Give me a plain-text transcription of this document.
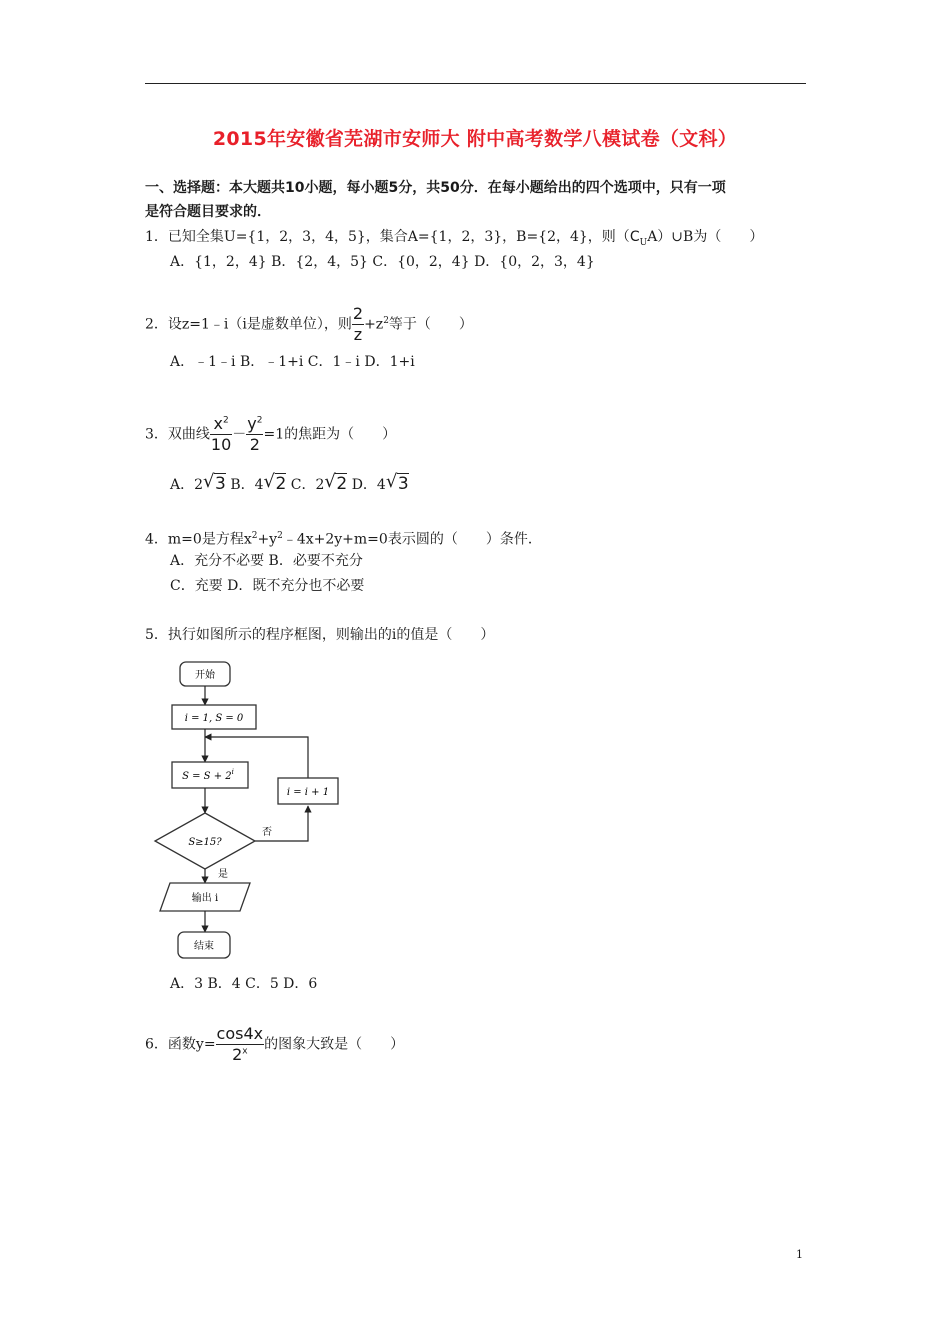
2015年安徽省芜湖市安师大 附中高考数学八模试卷（文科）
一、选择题：本大题共10小题，每小题5分，共50分．在每小题给出的四个选项中，只有一项
是符合题目要求的．
1．已知全集U={1，2，3，4，5}，集合A={1，2，3}，B={2，4}，则$(C_UA)\cup B$为（　　）
A．{1，2，4} B．{2，4，5} C．{0，2，4} D．{0，2，3，4}
2．设z=1﹣i（i是虚数单位），则 $\frac{2}{z} +z^2$等于（　　）
A．﹣1﹣i B．﹣1+i C．1﹣i D．1+i
3．双曲线 $\frac{x^2}{10} - \frac{y^2}{2} =1$的焦距为（　　）
A．2 √ 3 B．4 √ 2 C．2 √ 2 D．4 √ 3
4．m=0是方程$x^2+y^2﹣4x+2y+m=0$表示圆的（　　）条件．
A．充分不必要 B．必要不充分
C．充要 D．既不充分也不必要
5．执行如图所示的程序框图，则输出的i的值是（　　）
开始
i = 1, S = 0
$S = S + 2^i$
i = i + 1
S≥15?
否
是
输出 i
结束
A．3 B．4 C．5 D．6
6．函数$y= \frac{\cos 4x}{2^x}$ 的图象大致是（　　）
1
